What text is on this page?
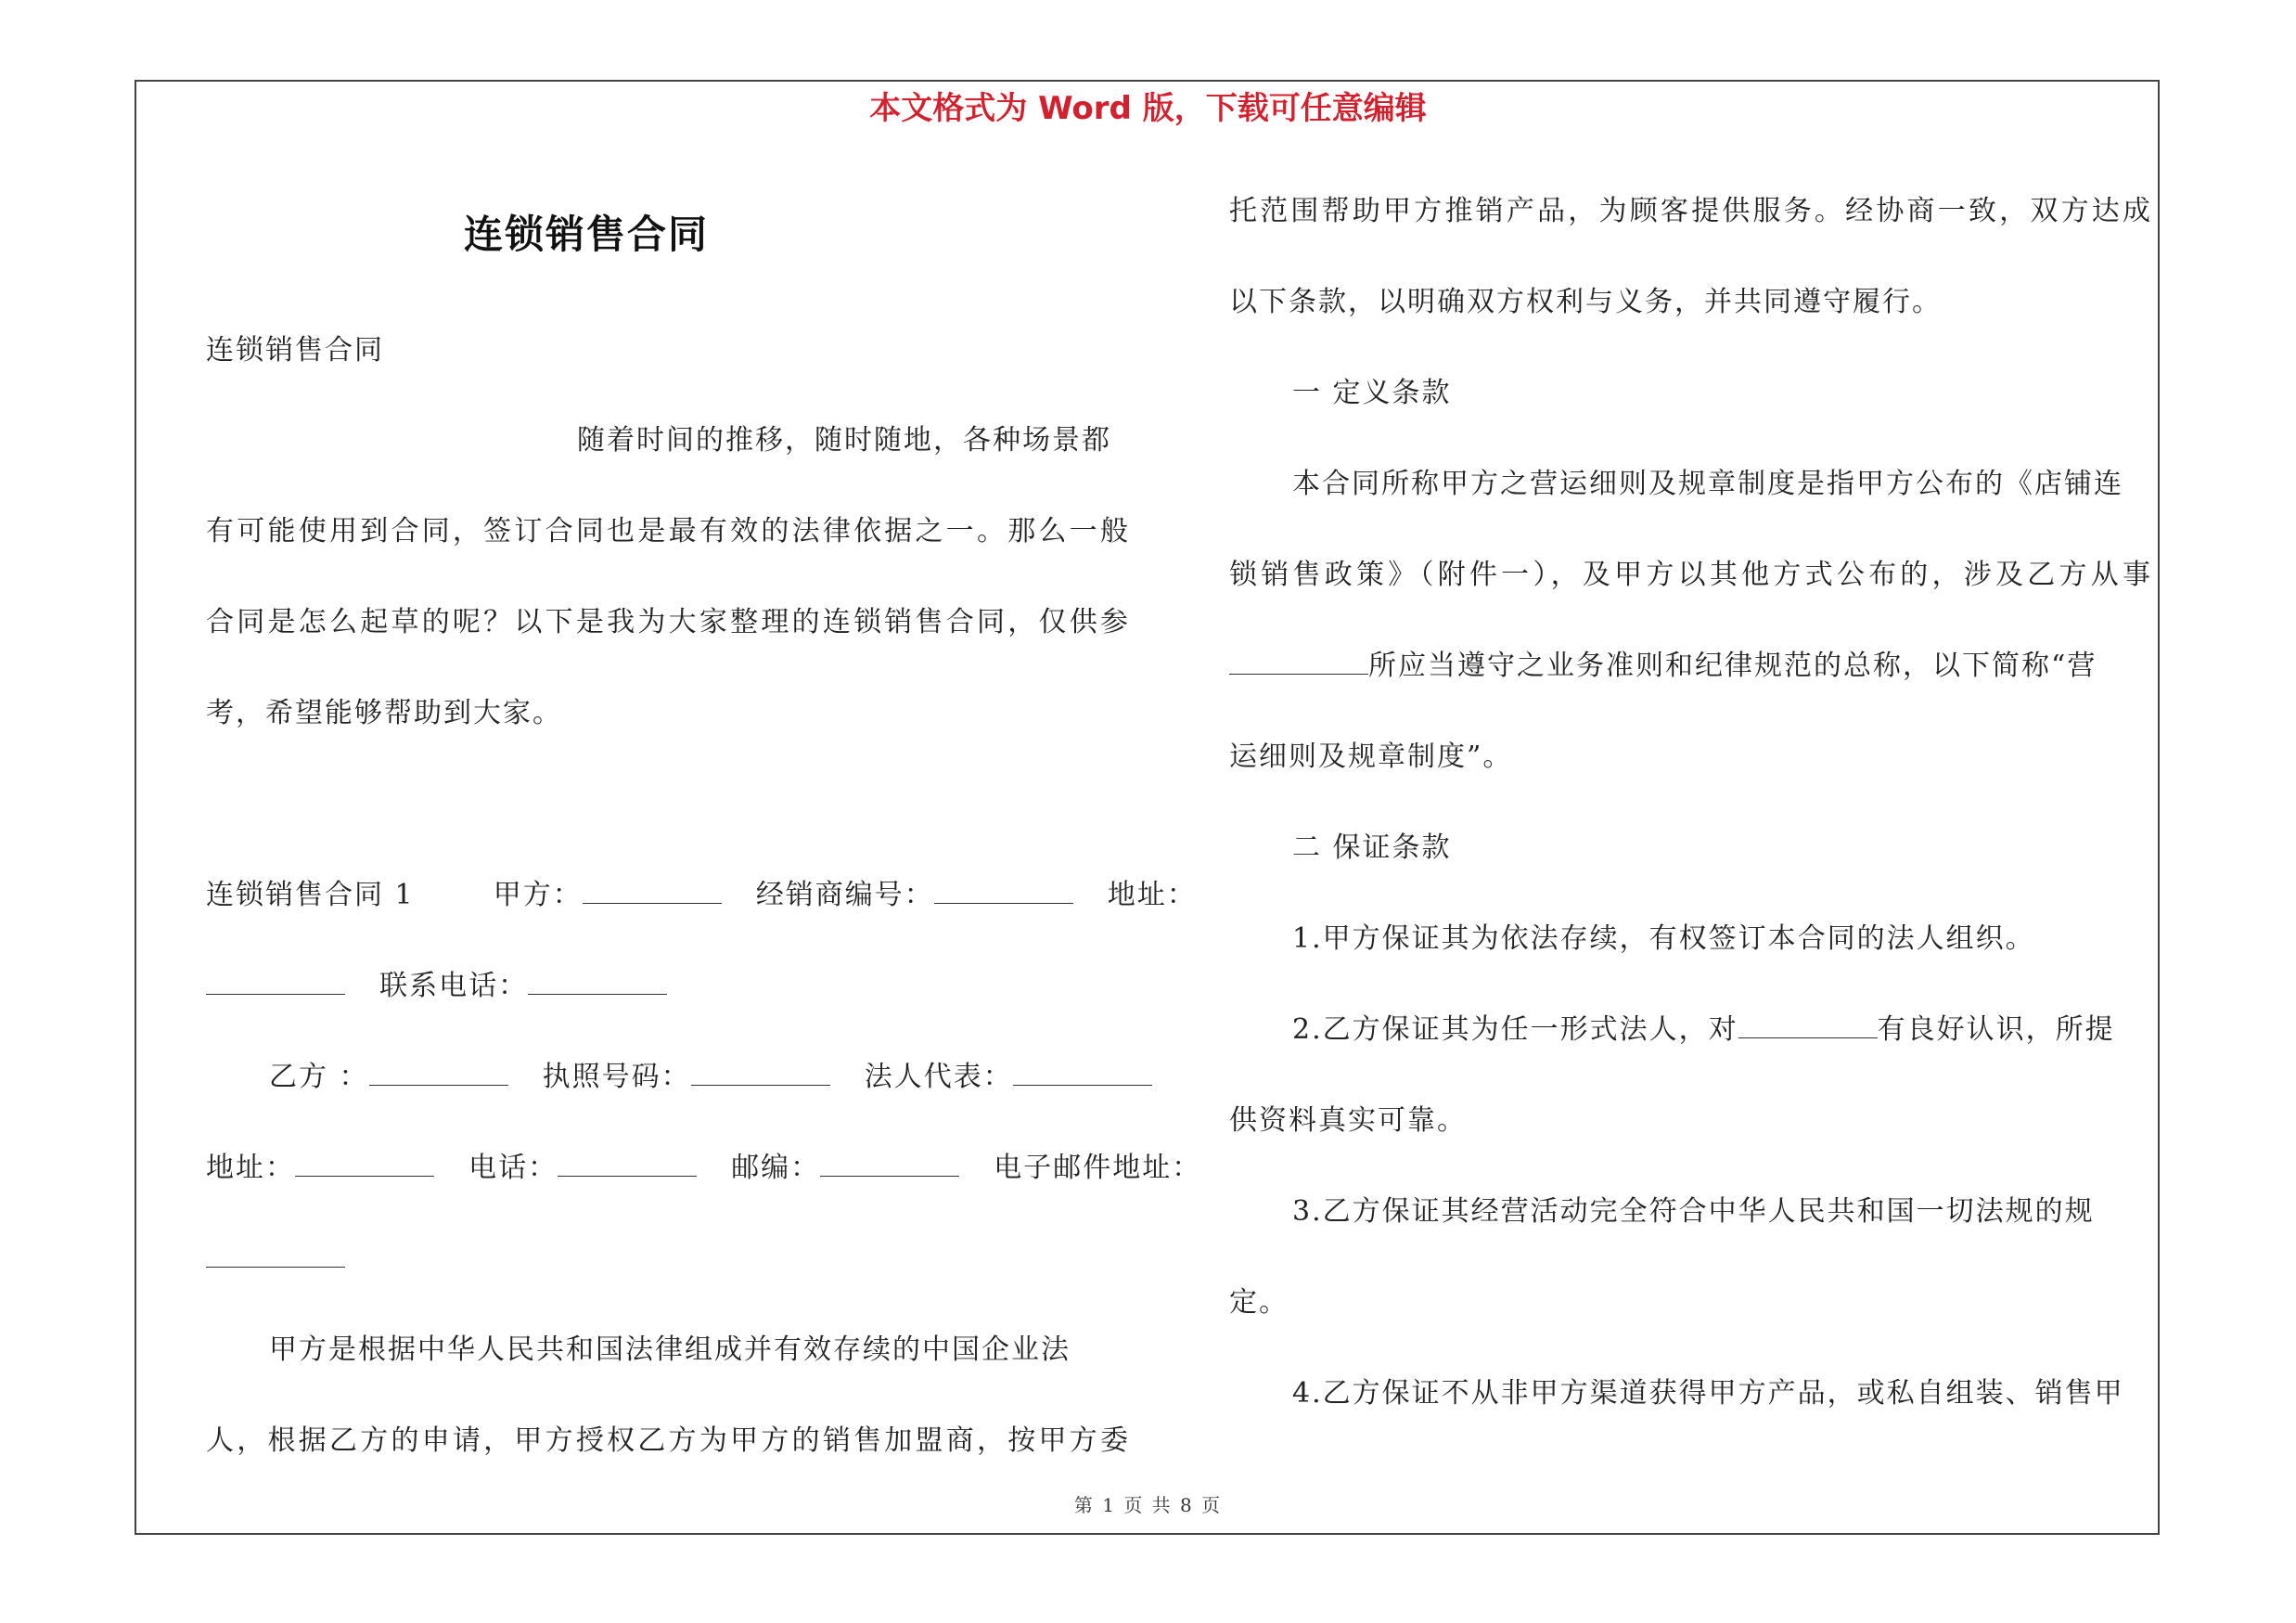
本文格式为 Word 版，下载可任意编辑
连锁销售合同
连锁销售合同
随着时间的推移，随时随地，各种场景都
有可能使用到合同，签订合同也是最有效的法律依据之一。那么一般
合同是怎么起草的呢？以下是我为大家整理的连锁销售合同，仅供参
考，希望能够帮助到大家。
连锁销售合同 1	甲方：	经销商编号：	地址：
联系电话：
乙方 ：	执照号码：	法人代表：
地址：	电话：	邮编：	电子邮件地址：
甲方是根据中华人民共和国法律组成并有效存续的中国企业法
人，根据乙方的申请，甲方授权乙方为甲方的销售加盟商，按甲方委
托范围帮助甲方推销产品，为顾客提供服务。经协商一致，双方达成
以下条款，以明确双方权利与义务，并共同遵守履行。
一 定义条款
本合同所称甲方之营运细则及规章制度是指甲方公布的《店铺连
锁销售政策》（附件一），及甲方以其他方式公布的，涉及乙方从事
所应当遵守之业务准则和纪律规范的总称，以下简称“营
运细则及规章制度”。
二 保证条款
1.甲方保证其为依法存续，有权签订本合同的法人组织。
2.乙方保证其为任一形式法人，对	有良好认识，所提
供资料真实可靠。
3.乙方保证其经营活动完全符合中华人民共和国一切法规的规
定。
4.乙方保证不从非甲方渠道获得甲方产品，或私自组装、销售甲
第 1 页 共 8 页
